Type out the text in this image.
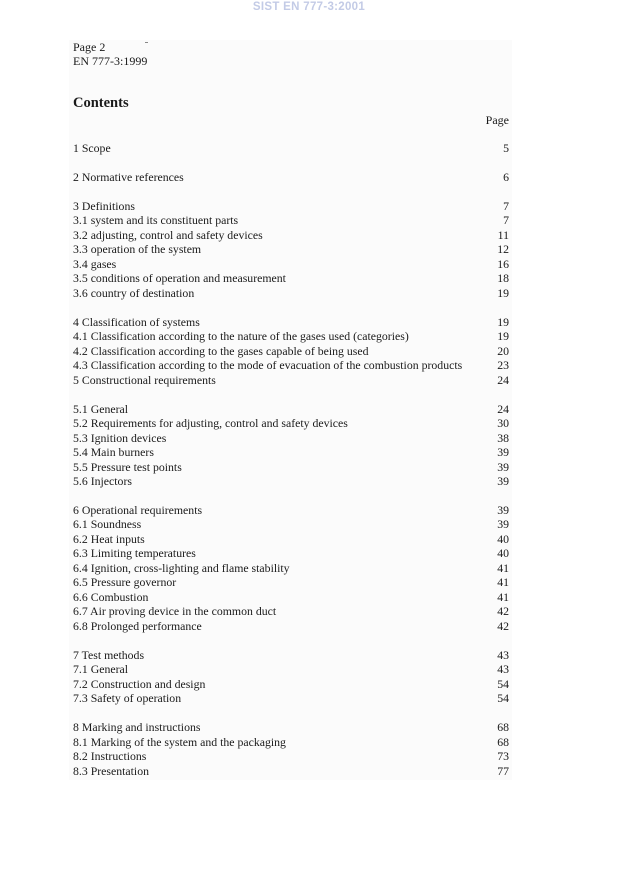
SIST EN 777-3:2001
Page 2
EN 777-3:1999
Contents
Page
1 Scope	5
2 Normative references	6
3 Definitions	7
3.1 system and its constituent parts	7
3.2 adjusting, control and safety devices	11
3.3 operation of the system	12
3.4 gases	16
3.5 conditions of operation and measurement	18
3.6 country of destination	19
4 Classification of systems	19
4.1 Classification according to the nature of the gases used (categories)	19
4.2 Classification according to the gases capable of being used	20
4.3 Classification according to the mode of evacuation of the combustion products	23
5 Constructional requirements	24
5.1 General	24
5.2 Requirements for adjusting, control and safety devices	30
5.3 Ignition devices	38
5.4 Main burners	39
5.5 Pressure test points	39
5.6 Injectors	39
6 Operational requirements	39
6.1 Soundness	39
6.2 Heat inputs	40
6.3 Limiting temperatures	40
6.4 Ignition, cross-lighting and flame stability	41
6.5 Pressure governor	41
6.6 Combustion	41
6.7 Air proving device in the common duct	42
6.8 Prolonged performance	42
7 Test methods	43
7.1 General	43
7.2 Construction and design	54
7.3 Safety of operation	54
8 Marking and instructions	68
8.1 Marking of the system and the packaging	68
8.2 Instructions	73
8.3 Presentation	77
